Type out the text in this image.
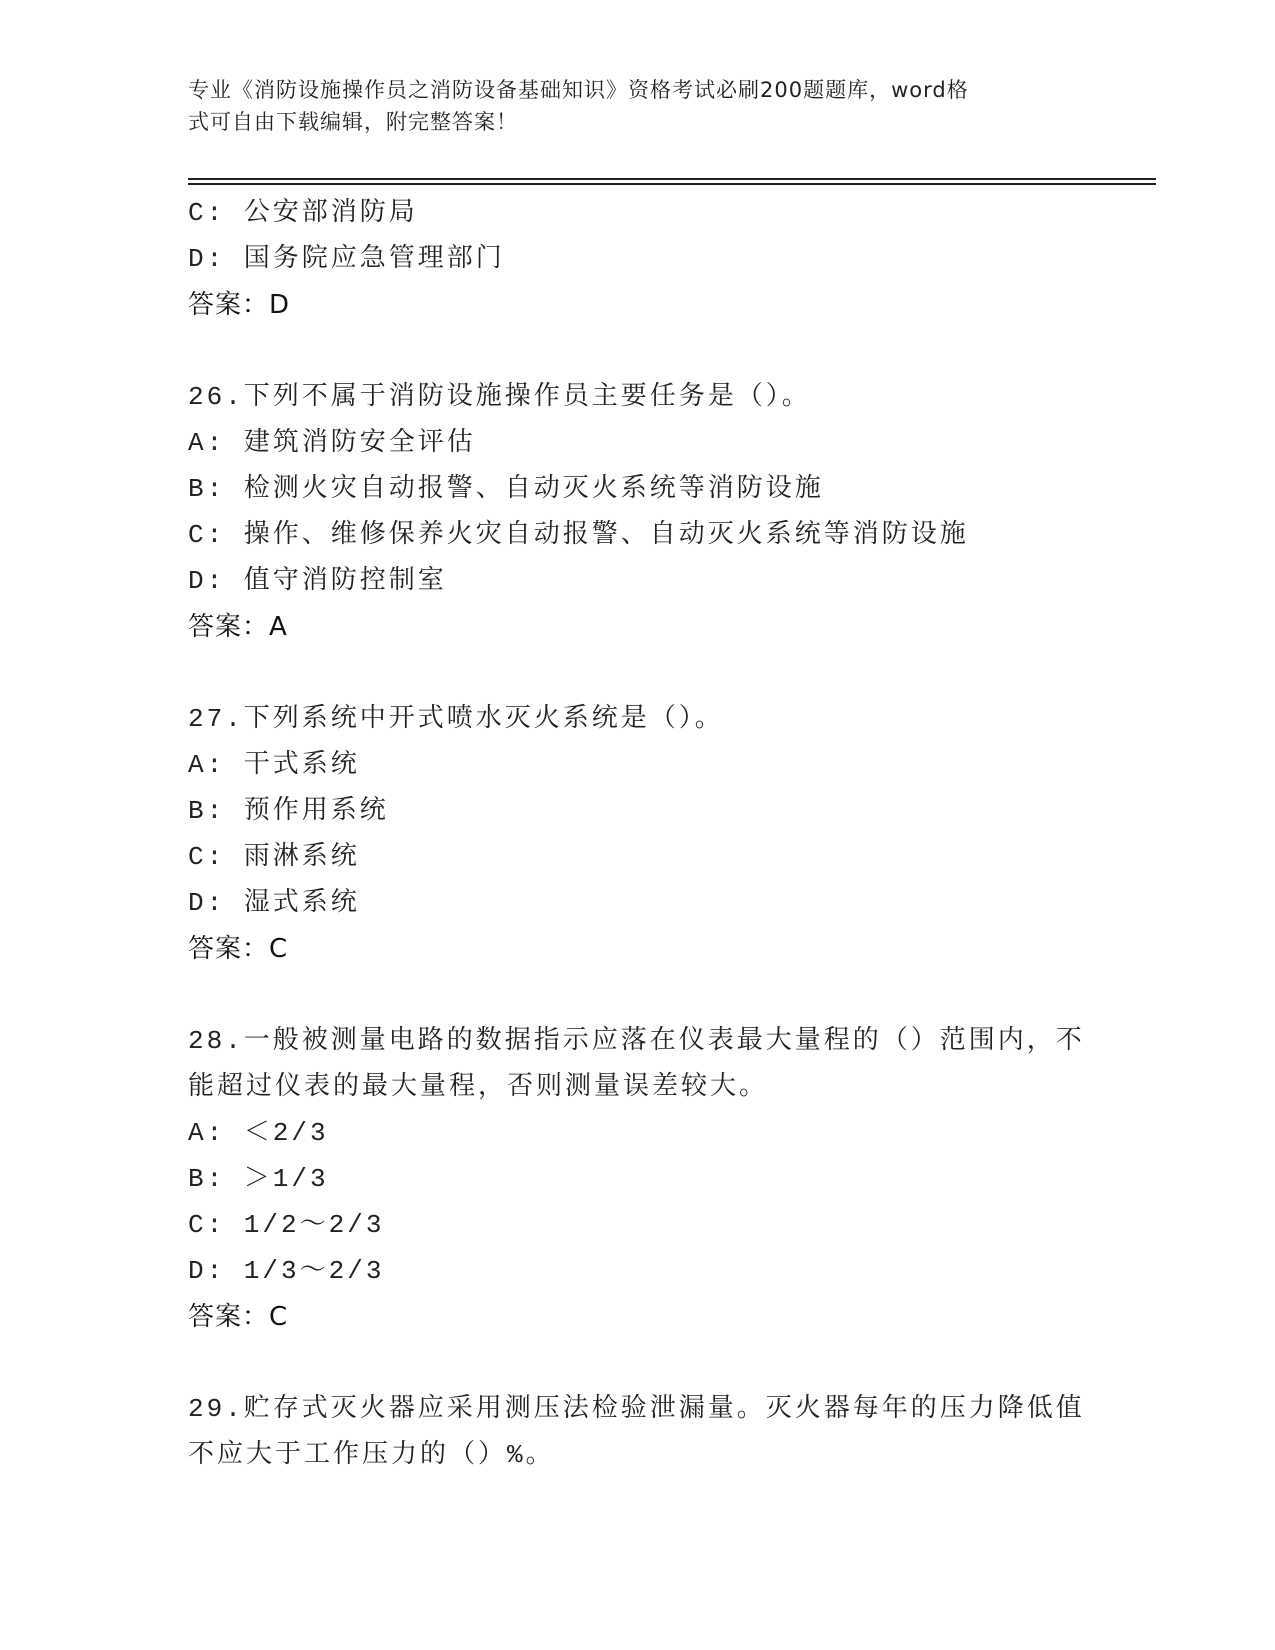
专业《消防设施操作员之消防设备基础知识》资格考试必刷200题题库，word格
式可自由下载编辑，附完整答案！
C: 公安部消防局
D: 国务院应急管理部门
答案：D
26.下列不属于消防设施操作员主要任务是（）。
A: 建筑消防安全评估
B: 检测火灾自动报警、自动灭火系统等消防设施
C: 操作、维修保养火灾自动报警、自动灭火系统等消防设施
D: 值守消防控制室
答案：A
27.下列系统中开式喷水灭火系统是（）。
A: 干式系统
B: 预作用系统
C: 雨淋系统
D: 湿式系统
答案：C
28.一般被测量电路的数据指示应落在仪表最大量程的（）范围内，不
能超过仪表的最大量程，否则测量误差较大。
A: ＜2/3
B: ＞1/3
C: 1/2～2/3
D: 1/3～2/3
答案：C
29.贮存式灭火器应采用测压法检验泄漏量。灭火器每年的压力降低值
不应大于工作压力的（）%。
